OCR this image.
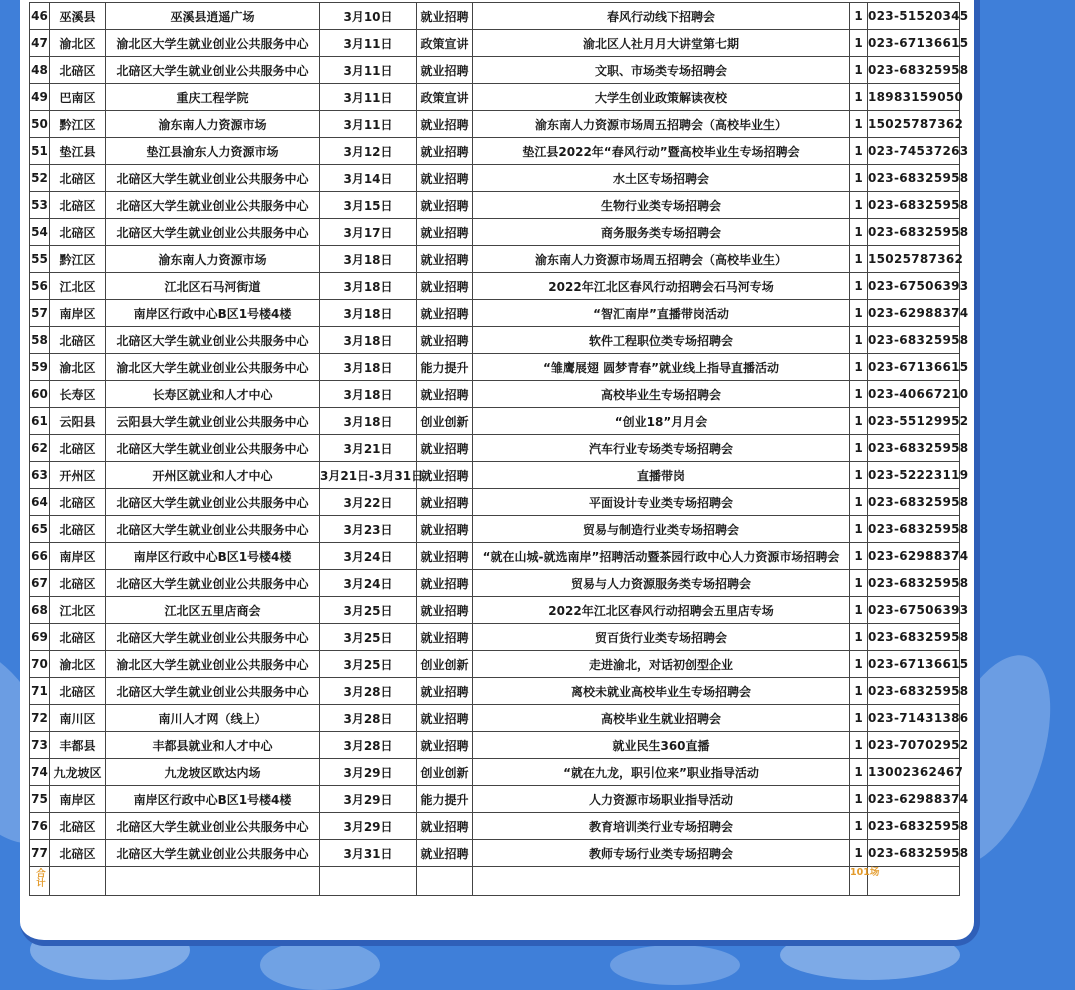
46	巫溪县	巫溪县逍遥广场	3月10日	就业招聘	春风行动线下招聘会	1	023-51520345
47	渝北区	渝北区大学生就业创业公共服务中心	3月11日	政策宣讲	渝北区人社月月大讲堂第七期	1	023-67136615
48	北碚区	北碚区大学生就业创业公共服务中心	3月11日	就业招聘	文职、市场类专场招聘会	1	023-68325958
49	巴南区	重庆工程学院	3月11日	政策宣讲	大学生创业政策解读夜校	1	18983159050
50	黔江区	渝东南人力资源市场	3月11日	就业招聘	渝东南人力资源市场周五招聘会（高校毕业生）	1	15025787362
51	垫江县	垫江县渝东人力资源市场	3月12日	就业招聘	垫江县2022年“春风行动”暨高校毕业生专场招聘会	1	023-74537263
52	北碚区	北碚区大学生就业创业公共服务中心	3月14日	就业招聘	水土区专场招聘会	1	023-68325958
53	北碚区	北碚区大学生就业创业公共服务中心	3月15日	就业招聘	生物行业类专场招聘会	1	023-68325958
54	北碚区	北碚区大学生就业创业公共服务中心	3月17日	就业招聘	商务服务类专场招聘会	1	023-68325958
55	黔江区	渝东南人力资源市场	3月18日	就业招聘	渝东南人力资源市场周五招聘会（高校毕业生）	1	15025787362
56	江北区	江北区石马河街道	3月18日	就业招聘	2022年江北区春风行动招聘会石马河专场	1	023-67506393
57	南岸区	南岸区行政中心B区1号楼4楼	3月18日	就业招聘	“智汇南岸”直播带岗活动	1	023-62988374
58	北碚区	北碚区大学生就业创业公共服务中心	3月18日	就业招聘	软件工程职位类专场招聘会	1	023-68325958
59	渝北区	渝北区大学生就业创业公共服务中心	3月18日	能力提升	“雏鹰展翅 圆梦青春”就业线上指导直播活动	1	023-67136615
60	长寿区	长寿区就业和人才中心	3月18日	就业招聘	高校毕业生专场招聘会	1	023-40667210
61	云阳县	云阳县大学生就业创业公共服务中心	3月18日	创业创新	“创业18”月月会	1	023-55129952
62	北碚区	北碚区大学生就业创业公共服务中心	3月21日	就业招聘	汽车行业专场类专场招聘会	1	023-68325958
63	开州区	开州区就业和人才中心	3月21日-3月31日	就业招聘	直播带岗	1	023-52223119
64	北碚区	北碚区大学生就业创业公共服务中心	3月22日	就业招聘	平面设计专业类专场招聘会	1	023-68325958
65	北碚区	北碚区大学生就业创业公共服务中心	3月23日	就业招聘	贸易与制造行业类专场招聘会	1	023-68325958
66	南岸区	南岸区行政中心B区1号楼4楼	3月24日	就业招聘	“就在山城-就选南岸”招聘活动暨茶园行政中心人力资源市场招聘会	1	023-62988374
67	北碚区	北碚区大学生就业创业公共服务中心	3月24日	就业招聘	贸易与人力资源服务类专场招聘会	1	023-68325958
68	江北区	江北区五里店商会	3月25日	就业招聘	2022年江北区春风行动招聘会五里店专场	1	023-67506393
69	北碚区	北碚区大学生就业创业公共服务中心	3月25日	就业招聘	贸百货行业类专场招聘会	1	023-68325958
70	渝北区	渝北区大学生就业创业公共服务中心	3月25日	创业创新	走进渝北，对话初创型企业	1	023-67136615
71	北碚区	北碚区大学生就业创业公共服务中心	3月28日	就业招聘	离校未就业高校毕业生专场招聘会	1	023-68325958
72	南川区	南川人才网（线上）	3月28日	就业招聘	高校毕业生就业招聘会	1	023-71431386
73	丰都县	丰都县就业和人才中心	3月28日	就业招聘	就业民生360直播	1	023-70702952
74	九龙坡区	九龙坡区欧达内场	3月29日	创业创新	“就在九龙，职引位来”职业指导活动	1	13002362467
75	南岸区	南岸区行政中心B区1号楼4楼	3月29日	能力提升	人力资源市场职业指导活动	1	023-62988374
76	北碚区	北碚区大学生就业创业公共服务中心	3月29日	就业招聘	教育培训类行业专场招聘会	1	023-68325958
77	北碚区	北碚区大学生就业创业公共服务中心	3月31日	就业招聘	教师专场行业类专场招聘会	1	023-68325958

合计						101场	
